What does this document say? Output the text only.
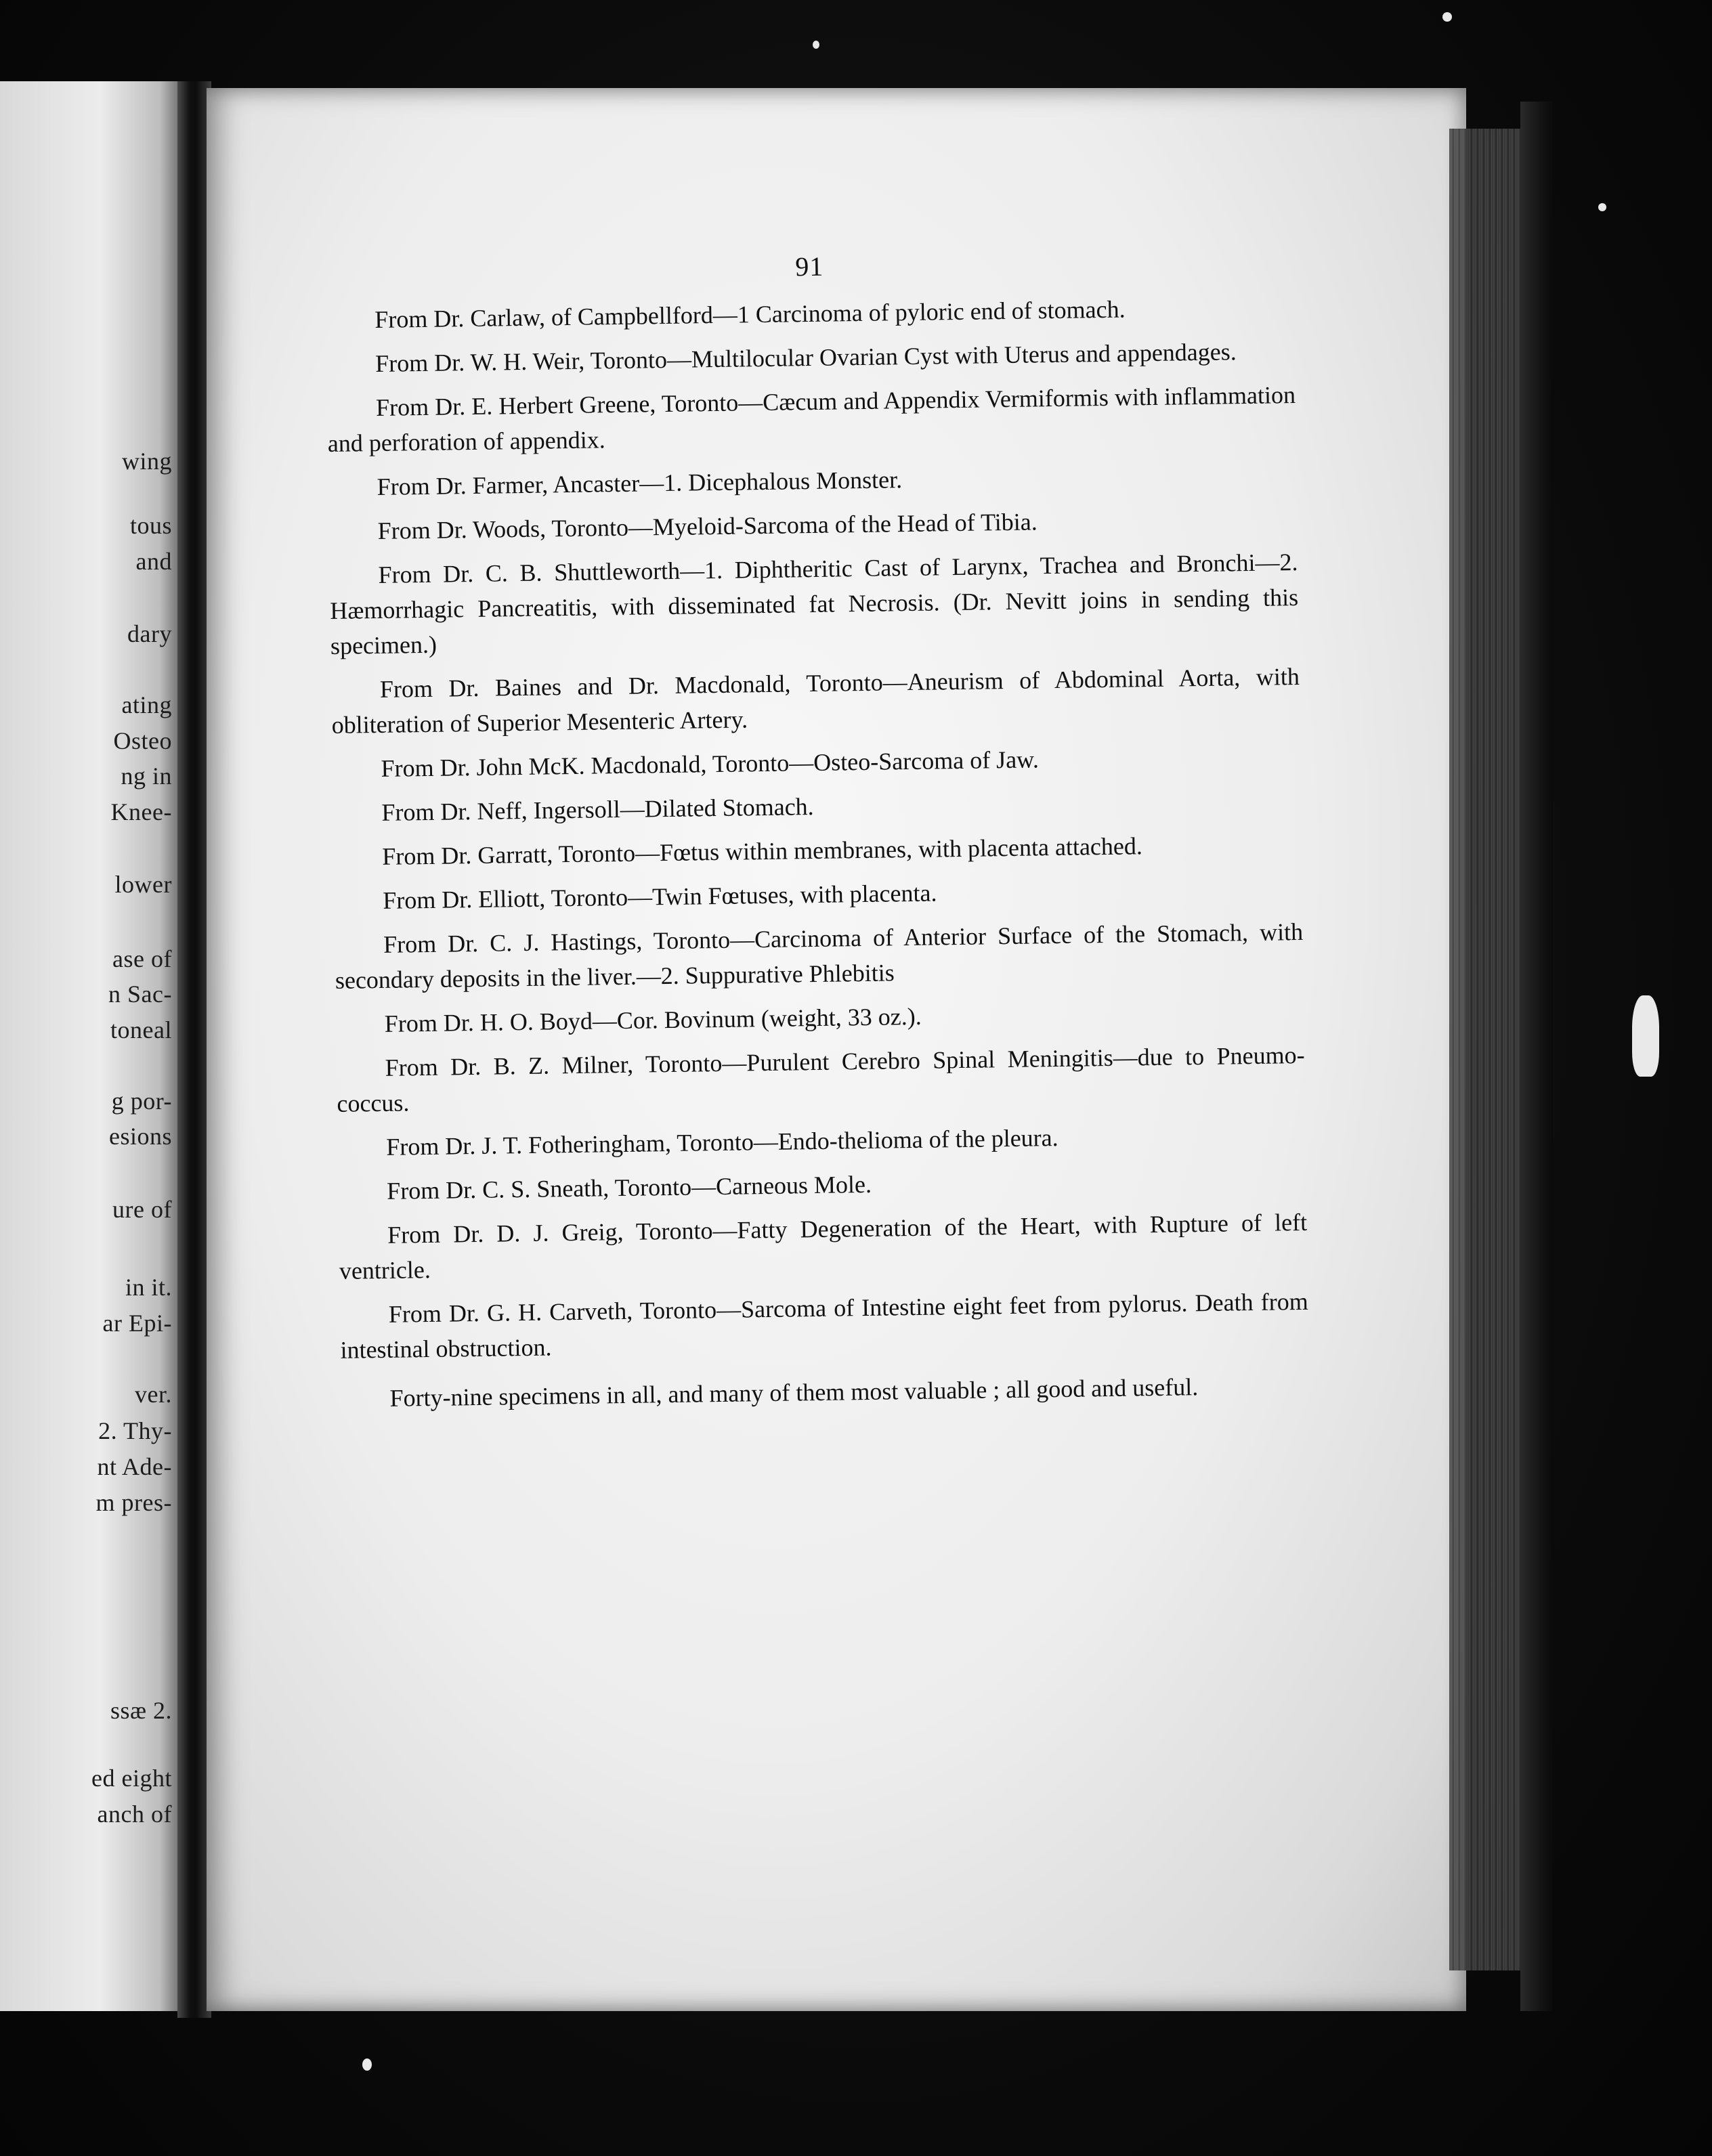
wing
tous
and
dary
ating
Osteo
ng in
Knee-
lower
ase of
n Sac-
toneal
g por-
esions
ure of
in it.
ar Epi-
ver.
2. Thy-
nt Ade-
m pres-
ssæ 2.
ed eight
anch of
91

From Dr. Carlaw, of Campbellford—1 Carcinoma of pyloric end of stomach.

From Dr. W. H. Weir, Toronto—Multilocular Ovarian Cyst with Uterus and appendages.

From Dr. E. Herbert Greene, Toronto—Cæcum and Appendix Vermiformis with inflammation and perforation of appendix.

From Dr. Farmer, Ancaster—1. Dicephalous Monster.

From Dr. Woods, Toronto—Myeloid-Sarcoma of the Head of Tibia.

From Dr. C. B. Shuttleworth—1. Diphtheritic Cast of Larynx, Trachea and Bronchi—2. Hæmorrhagic Pancreatitis, with disseminated fat Necrosis. (Dr. Nevitt joins in sending this specimen.)

From Dr. Baines and Dr. Macdonald, Toronto—Aneurism of Abdominal Aorta, with obliteration of Superior Mesenteric Artery.

From Dr. John McK. Macdonald, Toronto—Osteo-Sarcoma of Jaw.

From Dr. Neff, Ingersoll—Dilated Stomach.

From Dr. Garratt, Toronto—Fœtus within membranes, with placenta attached.

From Dr. Elliott, Toronto—Twin Fœtuses, with placenta.

From Dr. C. J. Hastings, Toronto—Carcinoma of Anterior Surface of the Stomach, with secondary deposits in the liver.—2. Suppurative Phlebitis

From Dr. H. O. Boyd—Cor. Bovinum (weight, 33 oz.).

From Dr. B. Z. Milner, Toronto—Purulent Cerebro Spinal Meningitis—due to Pneumo-coccus.

From Dr. J. T. Fotheringham, Toronto—Endo-thelioma of the pleura.

From Dr. C. S. Sneath, Toronto—Carneous Mole.

From Dr. D. J. Greig, Toronto—Fatty Degeneration of the Heart, with Rupture of left ventricle.

From Dr. G. H. Carveth, Toronto—Sarcoma of Intestine eight feet from pylorus. Death from intestinal obstruction.

Forty-nine specimens in all, and many of them most valuable ; all good and useful.
